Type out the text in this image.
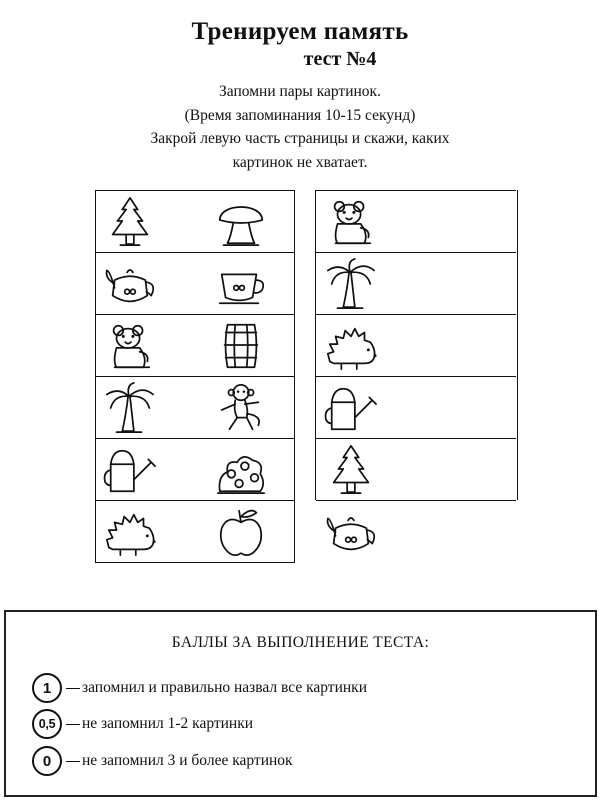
Тренируем память
тест №4
Запомни пары картинок.
(Время запоминания 10-15 секунд)
Закрой левую часть страницы и скажи, каких
картинок не хватает.
БАЛЛЫ ЗА ВЫПОЛНЕНИЕ ТЕСТА:
1	запомнил и правильно назвал все картинки
0,5	не запомнил 1-2 картинки
0	не запомнил 3 и более картинок
